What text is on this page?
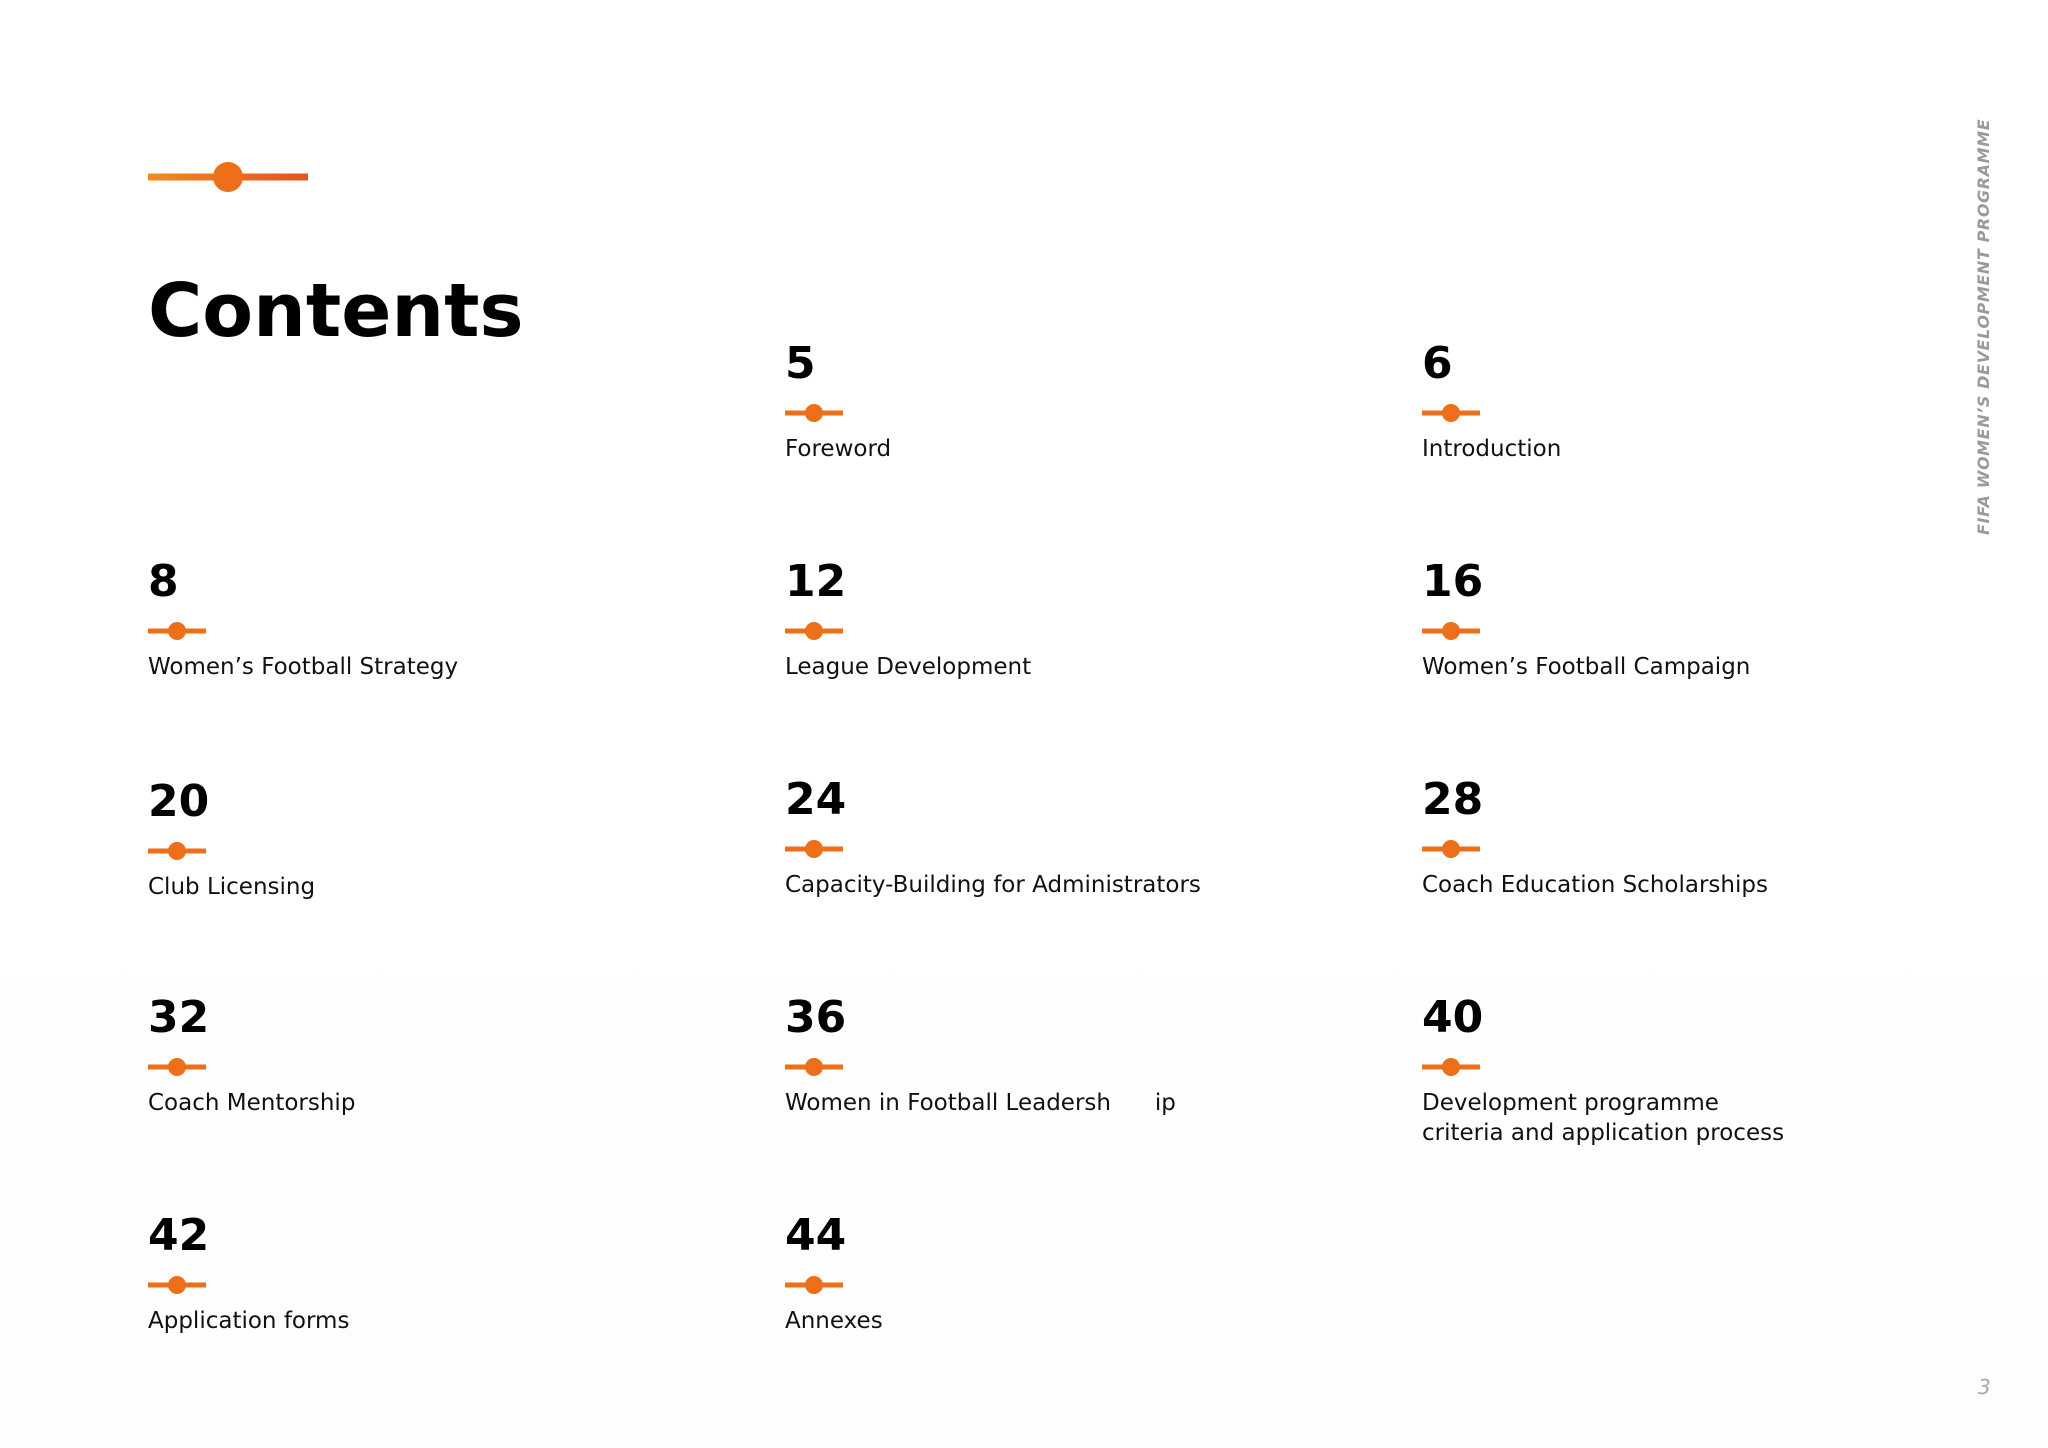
Contents
5
Foreword
6
Introduction
8
Women’s Football Strategy
12
League Development
16
Women’s Football Campaign
20
Club Licensing
24
Capacity-Building for Administrators
28
Coach Education Scholarships
32
Coach Mentorship
36
Women in Football Leadersh      ip
40
Development programme
criteria and application process
42
Application forms
44
Annexes
FIFA WOMEN’S DEVELOPMENT PROGRAMME
3
